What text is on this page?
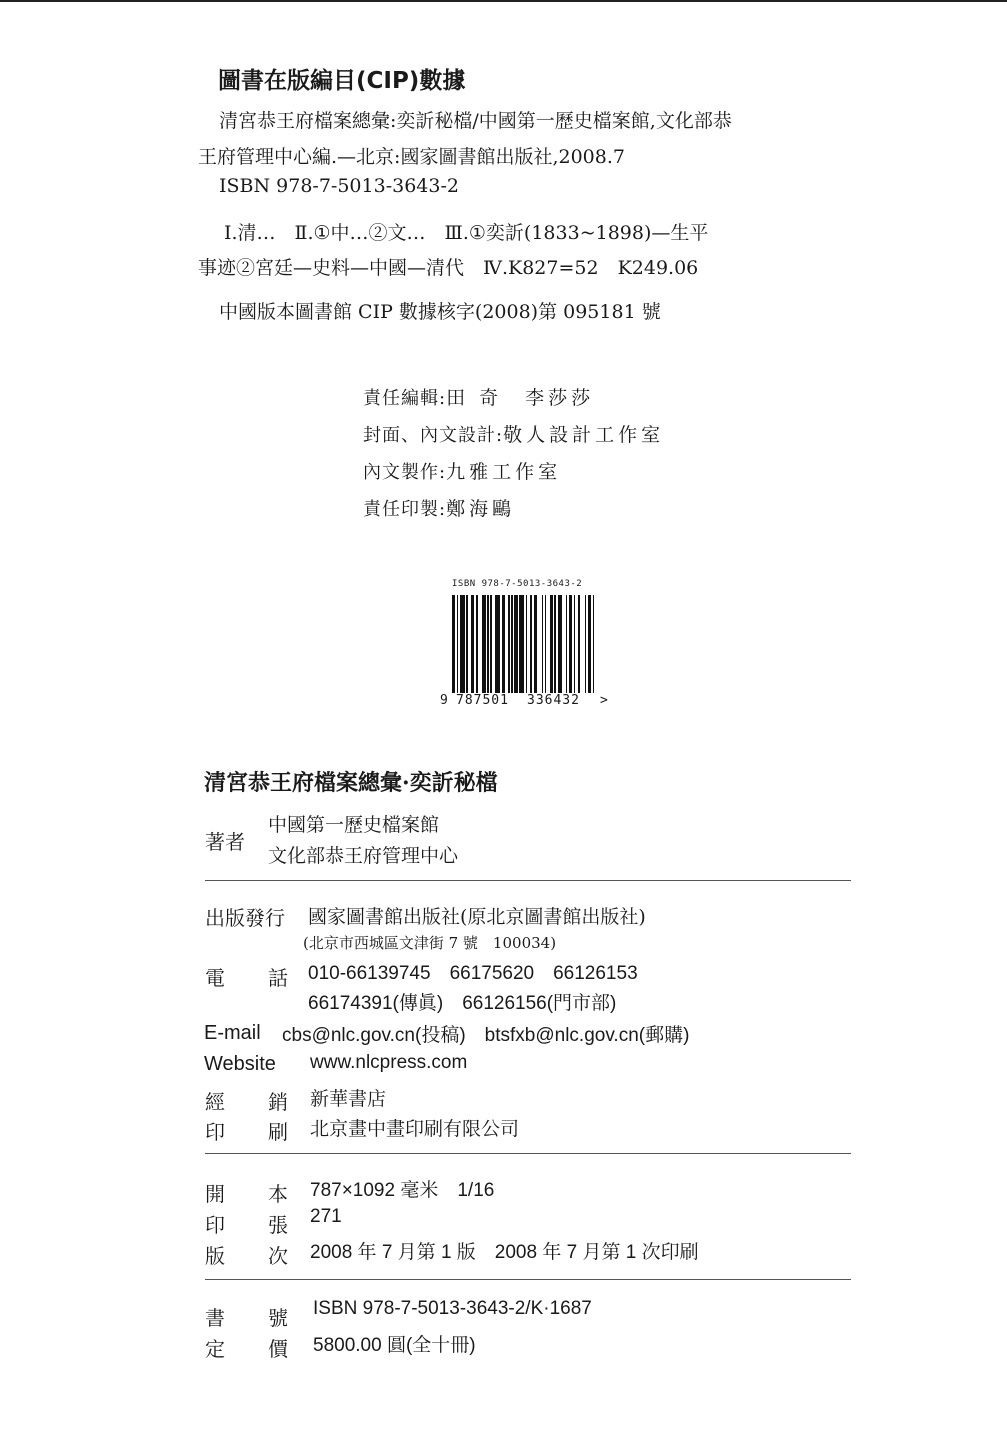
圖書在版編目(CIP)數據
清宮恭王府檔案總彙:奕訢秘檔/中國第一歷史檔案館,文化部恭
王府管理中心編.—北京:國家圖書館出版社,2008.7
ISBN 978-7-5013-3643-2
Ⅰ.清…　Ⅱ.①中…②文…　Ⅲ.①奕訢(1833~1898)—生平
事迹②宮廷—史料—中國—清代　Ⅳ.K827=52　K249.06
中國版本圖書館 CIP 數據核字(2008)第 095181 號
責任編輯:田 奇　李莎莎
封面、內文設計:敬人設計工作室
內文製作:九雅工作室
責任印製:鄭海鷗
ISBN 978-7-5013-3643-2
9 787501 336432 >
清宮恭王府檔案總彙·奕訢秘檔
著者
中國第一歷史檔案館
文化部恭王府管理中心
出版發行 國家圖書館出版社(原北京圖書館出版社)
(北京市西城區文津街 7 號　100034)
電 話 010-66139745　66175620　66126153
66174391(傳眞)　66126156(門市部)
E-mail cbs@nlc.gov.cn(投稿)　btsfxb@nlc.gov.cn(郵購)
Website www.nlcpress.com
經 銷 新華書店
印 刷 北京畫中畫印刷有限公司
開 本 787×1092 毫米　1/16
印 張 271
版 次 2008 年 7 月第 1 版　2008 年 7 月第 1 次印刷
書 號 ISBN 978-7-5013-3643-2/K·1687
定 價 5800.00 圓(全十冊)
